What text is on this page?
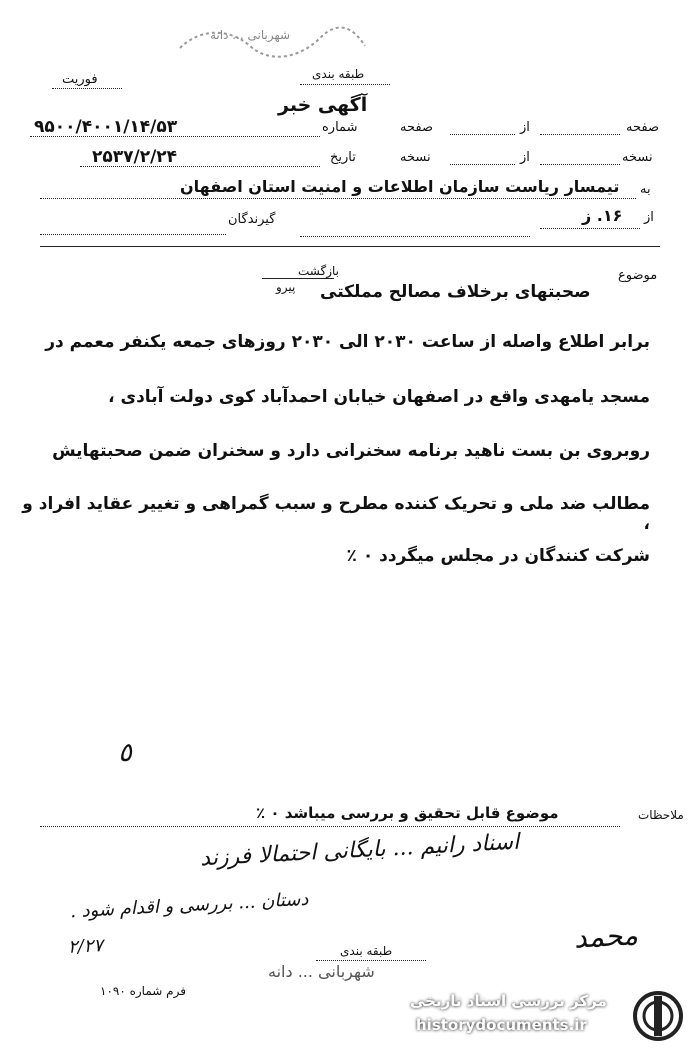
شهربانی ... دانه
فوریت	طبقه بندی
آگهی خبر
صفحه
از
صفحه
شماره
۹۵۰۰/۴۰۰۱/۱۴/۵۳
نسخه
از
نسخه
تاریخ
۲۵۳۷/۲/۲۴
به
تیمسار ریاست سازمان اطلاعات و امنیت استان اصفهان
از
۱۶. ز
گیرندگان
بازگشت
پیرو
موضوع
صحبتهای برخلاف مصالح مملکتی
برابر اطلاع واصله از ساعت ۲۰۳۰ الی ۲۰۳۰ روزهای جمعه یکنفر معمم در
مسجد یامهدی واقع در اصفهان خیابان احمدآباد کوی دولت آبادی ،
روبروی بن بست ناهید برنامه سخنرانی دارد و سخنران ضمن صحبتهایش
مطالب ضد ملی و تحریک کننده مطرح و سبب گمراهی و تغییر عقاید افراد و ،
شرکت کنندگان در مجلس میگردد ۰ ٪
٥
ملاحظات
موضوع قابل تحقیق و بررسی میباشد ۰ ٪
اسناد رانیم ... بایگانی احتمالا فرزند
دستان ... بررسی و اقدام شود .
۲/۲۷	محمد
طبقه بندی
شهربانی ... دانه
فرم شماره ۱۰۹۰
مرکز بررسی اسناد تاریخی
historydocuments.ir
